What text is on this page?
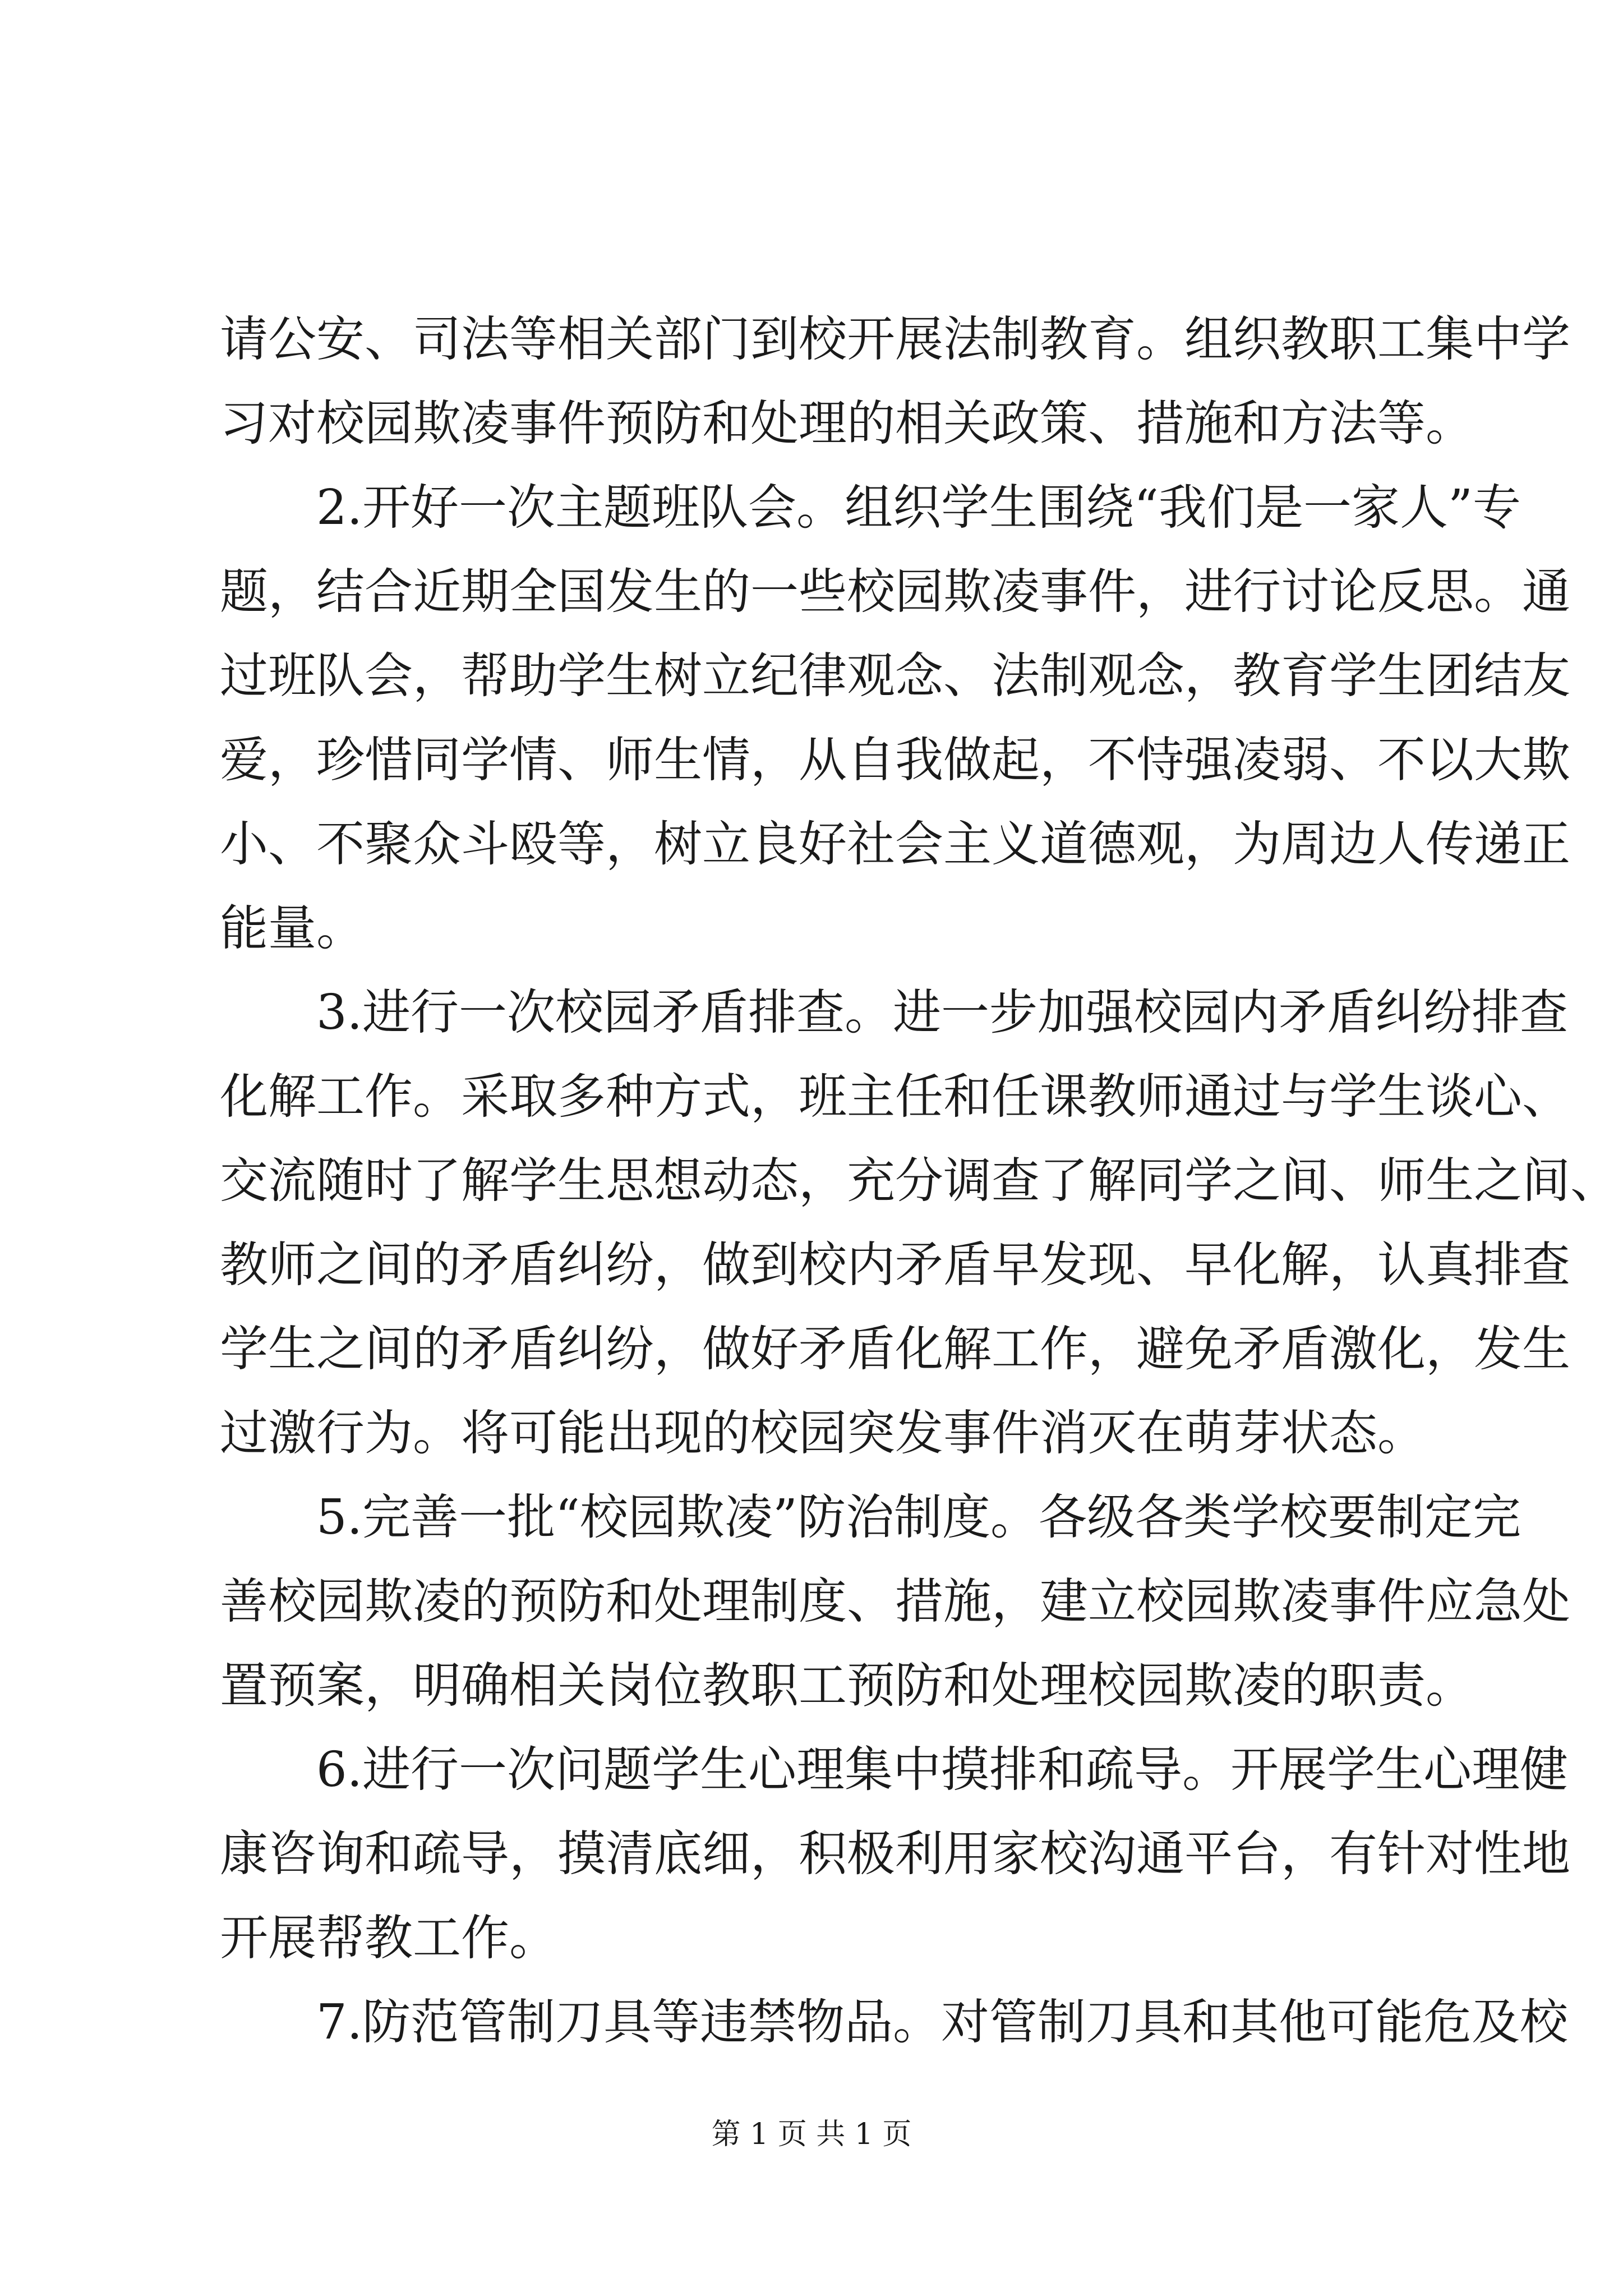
请公安、司法等相关部门到校开展法制教育。组织教职工集中学
习对校园欺凌事件预防和处理的相关政策、措施和方法等。
2.开好一次主题班队会。组织学生围绕“我们是一家人”专
题，结合近期全国发生的一些校园欺凌事件，进行讨论反思。通
过班队会，帮助学生树立纪律观念、法制观念，教育学生团结友
爱，珍惜同学情、师生情，从自我做起，不恃强凌弱、不以大欺
小、不聚众斗殴等，树立良好社会主义道德观，为周边人传递正
能量。
3.进行一次校园矛盾排查。进一步加强校园内矛盾纠纷排查
化解工作。采取多种方式，班主任和任课教师通过与学生谈心、
交流随时了解学生思想动态，充分调查了解同学之间、师生之间、
教师之间的矛盾纠纷，做到校内矛盾早发现、早化解，认真排查
学生之间的矛盾纠纷，做好矛盾化解工作，避免矛盾激化，发生
过激行为。将可能出现的校园突发事件消灭在萌芽状态。
5.完善一批“校园欺凌”防治制度。各级各类学校要制定完
善校园欺凌的预防和处理制度、措施，建立校园欺凌事件应急处
置预案，明确相关岗位教职工预防和处理校园欺凌的职责。
6.进行一次问题学生心理集中摸排和疏导。开展学生心理健
康咨询和疏导，摸清底细，积极利用家校沟通平台，有针对性地
开展帮教工作。
7.防范管制刀具等违禁物品。对管制刀具和其他可能危及校
第 1 页 共 1 页
